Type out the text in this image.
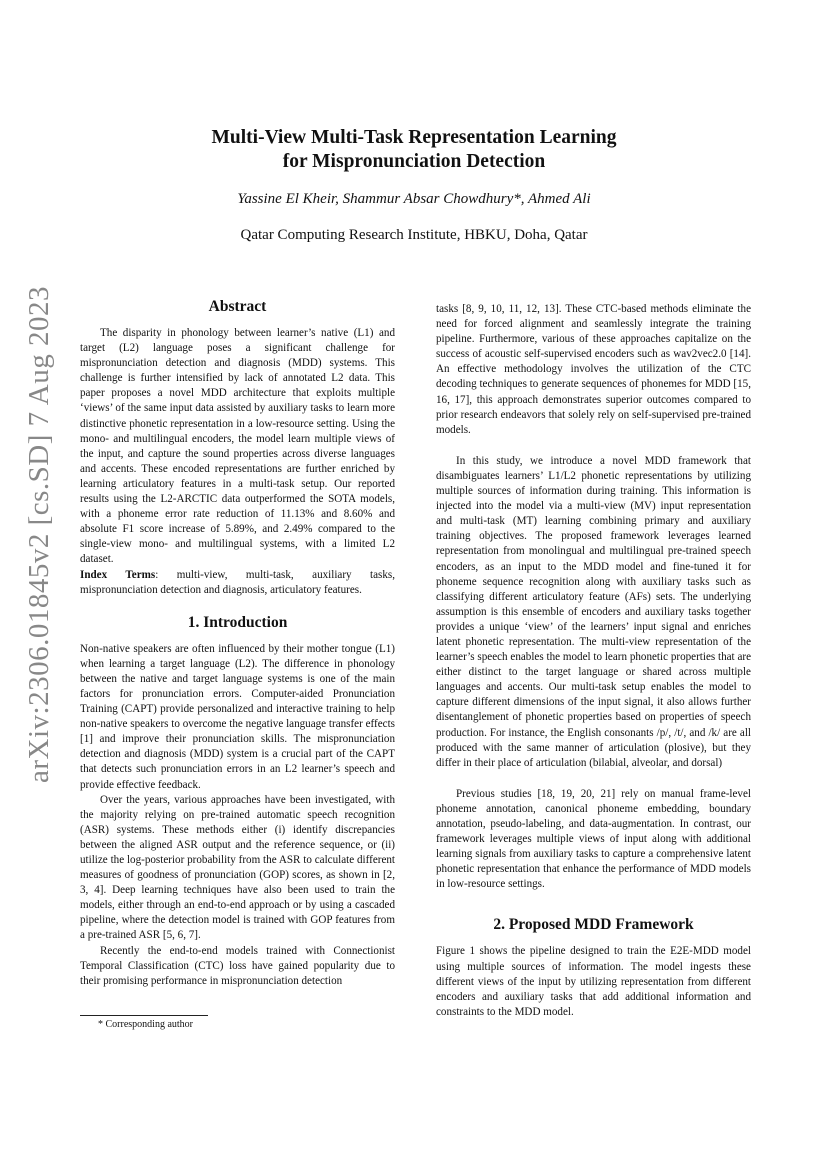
arXiv:2306.01845v2 [cs.SD] 7 Aug 2023
Multi-View Multi-Task Representation Learning
for Mispronunciation Detection
Yassine El Kheir, Shammur Absar Chowdhury*, Ahmed Ali
Qatar Computing Research Institute, HBKU, Doha, Qatar
Abstract

The disparity in phonology between learner’s native (L1) and target (L2) language poses a significant challenge for mispronunciation detection and diagnosis (MDD) systems. This challenge is further intensified by lack of annotated L2 data. This paper proposes a novel MDD architecture that exploits multiple ‘views’ of the same input data assisted by auxiliary tasks to learn more distinctive phonetic representation in a low-resource setting. Using the mono- and multilingual encoders, the model learn multiple views of the input, and capture the sound properties across diverse languages and accents. These encoded representations are further enriched by learning articulatory features in a multi-task setup. Our reported results using the L2-ARCTIC data outperformed the SOTA models, with a phoneme error rate reduction of 11.13% and 8.60% and absolute F1 score increase of 5.89%, and 2.49% compared to the single-view mono- and multilingual systems, with a limited L2 dataset.

Index Terms: multi-view, multi-task, auxiliary tasks, mispronunciation detection and diagnosis, articulatory features.

1. Introduction

Non-native speakers are often influenced by their mother tongue (L1) when learning a target language (L2). The difference in phonology between the native and target language systems is one of the main factors for pronunciation errors. Computer-aided Pronunciation Training (CAPT) provide personalized and interactive training to help non-native speakers to overcome the negative language transfer effects [1] and improve their pronunciation skills. The mispronunciation detection and diagnosis (MDD) system is a crucial part of the CAPT that detects such pronunciation errors in an L2 learner’s speech and provide effective feedback.

Over the years, various approaches have been investigated, with the majority relying on pre-trained automatic speech recognition (ASR) systems. These methods either (i) identify discrepancies between the aligned ASR output and the reference sequence, or (ii) utilize the log-posterior probability from the ASR to calculate different measures of goodness of pronunciation (GOP) scores, as shown in [2, 3, 4]. Deep learning techniques have also been used to train the models, either through an end-to-end approach or by using a cascaded pipeline, where the detection model is trained with GOP features from a pre-trained ASR [5, 6, 7].

Recently the end-to-end models trained with Connectionist Temporal Classification (CTC) loss have gained popularity due to their promising performance in mispronunciation detection

tasks [8, 9, 10, 11, 12, 13]. These CTC-based methods eliminate the need for forced alignment and seamlessly integrate the training pipeline. Furthermore, various of these approaches capitalize on the success of acoustic self-supervised encoders such as wav2vec2.0 [14]. An effective methodology involves the utilization of the CTC decoding techniques to generate sequences of phonemes for MDD [15, 16, 17], this approach demonstrates superior outcomes compared to prior research endeavors that solely rely on self-supervised pre-trained models.

In this study, we introduce a novel MDD framework that disambiguates learners’ L1/L2 phonetic representations by utilizing multiple sources of information during training. This information is injected into the model via a multi-view (MV) input representation and multi-task (MT) learning combining primary and auxiliary training objectives. The proposed framework leverages learned representation from monolingual and multilingual pre-trained speech encoders, as an input to the MDD model and fine-tuned it for phoneme sequence recognition along with auxiliary tasks such as classifying different articulatory feature (AFs) sets. The underlying assumption is this ensemble of encoders and auxiliary tasks together provides a unique ‘view’ of the learners’ input signal and enriches latent phonetic representation. The multi-view representation of the learner’s speech enables the model to learn phonetic properties that are either distinct to the target language or shared across multiple languages and accents. Our multi-task setup enables the model to capture different dimensions of the input signal, it also allows further disentanglement of phonetic properties based on properties of speech production. For instance, the English consonants /p/, /t/, and /k/ are all produced with the same manner of articulation (plosive), but they differ in their place of articulation (bilabial, alveolar, and dorsal)

Previous studies [18, 19, 20, 21] rely on manual frame-level phoneme annotation, canonical phoneme embedding, boundary annotation, pseudo-labeling, and data-augmentation. In contrast, our framework leverages multiple views of input along with additional learning signals from auxiliary tasks to capture a comprehensive latent phonetic representation that enhance the performance of MDD models in low-resource settings.

2. Proposed MDD Framework

Figure 1 shows the pipeline designed to train the E2E-MDD model using multiple sources of information. The model ingests these different views of the input by utilizing representation from different encoders and auxiliary tasks that add additional information and constraints to the MDD model.

* Corresponding author
